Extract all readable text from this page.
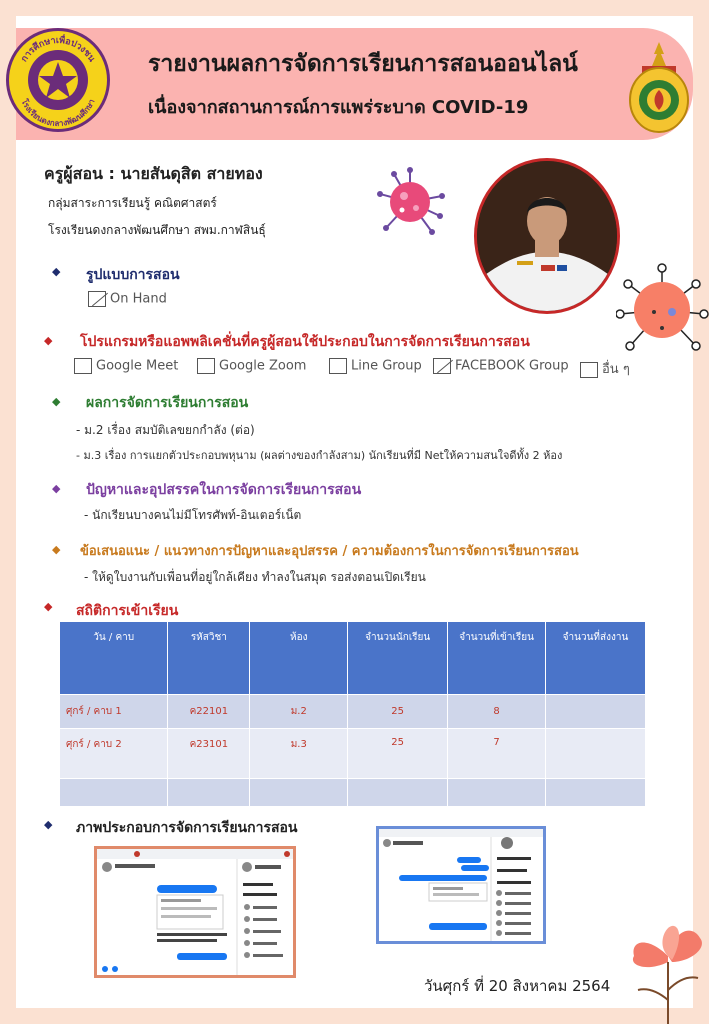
การศึกษาเพื่อปวงชน
โรงเรียนดงกลางพัฒนศึกษา
รายงานผลการจัดการเรียนการสอนออนไลน์
เนื่องจากสถานการณ์การแพร่ระบาด COVID-19
ครูผู้สอน : นายสันดุสิต สายทอง
กลุ่มสาระการเรียนรู้ คณิตศาสตร์
โรงเรียนดงกลางพัฒนศึกษา สพม.กาฬสินธุ์
◆ รูปแบบการสอน
On Hand
◆ โปรแกรมหรือแอพพลิเคชั่นที่ครูผู้สอนใช้ประกอบในการจัดการเรียนการสอน
Google Meet	Google Zoom	Line Group	FACEBOOK Group	อื่น ๆ
◆ ผลการจัดการเรียนการสอน
- ม.2 เรื่อง สมบัติเลขยกกำลัง (ต่อ)
- ม.3 เรื่อง การแยกตัวประกอบพหุนาม (ผลต่างของกำลังสาม) นักเรียนที่มี Netให้ความสนใจดีทั้ง 2 ห้อง
◆ ปัญหาและอุปสรรคในการจัดการเรียนการสอน
- นักเรียนบางคนไม่มีโทรศัพท์-อินเตอร์เน็ต
◆ ข้อเสนอแนะ / แนวทางการปัญหาและอุปสรรค / ความต้องการในการจัดการเรียนการสอน
- ให้ดูใบงานกับเพื่อนที่อยู่ใกล้เคียง ทำลงในสมุด รอส่งตอนเปิดเรียน
◆ สถิติการเข้าเรียน
วัน / คาบ	รหัสวิชา	ห้อง	จำนวนนักเรียน	จำนวนที่เข้าเรียน	จำนวนที่ส่งงาน
ศุกร์ / คาบ 1	ค22101	ม.2	25	8	
ศุกร์ / คาบ 2	ค23101	ม.3	25	7	

◆ ภาพประกอบการจัดการเรียนการสอน
วันศุกร์ ที่ 20 สิงหาคม 2564
